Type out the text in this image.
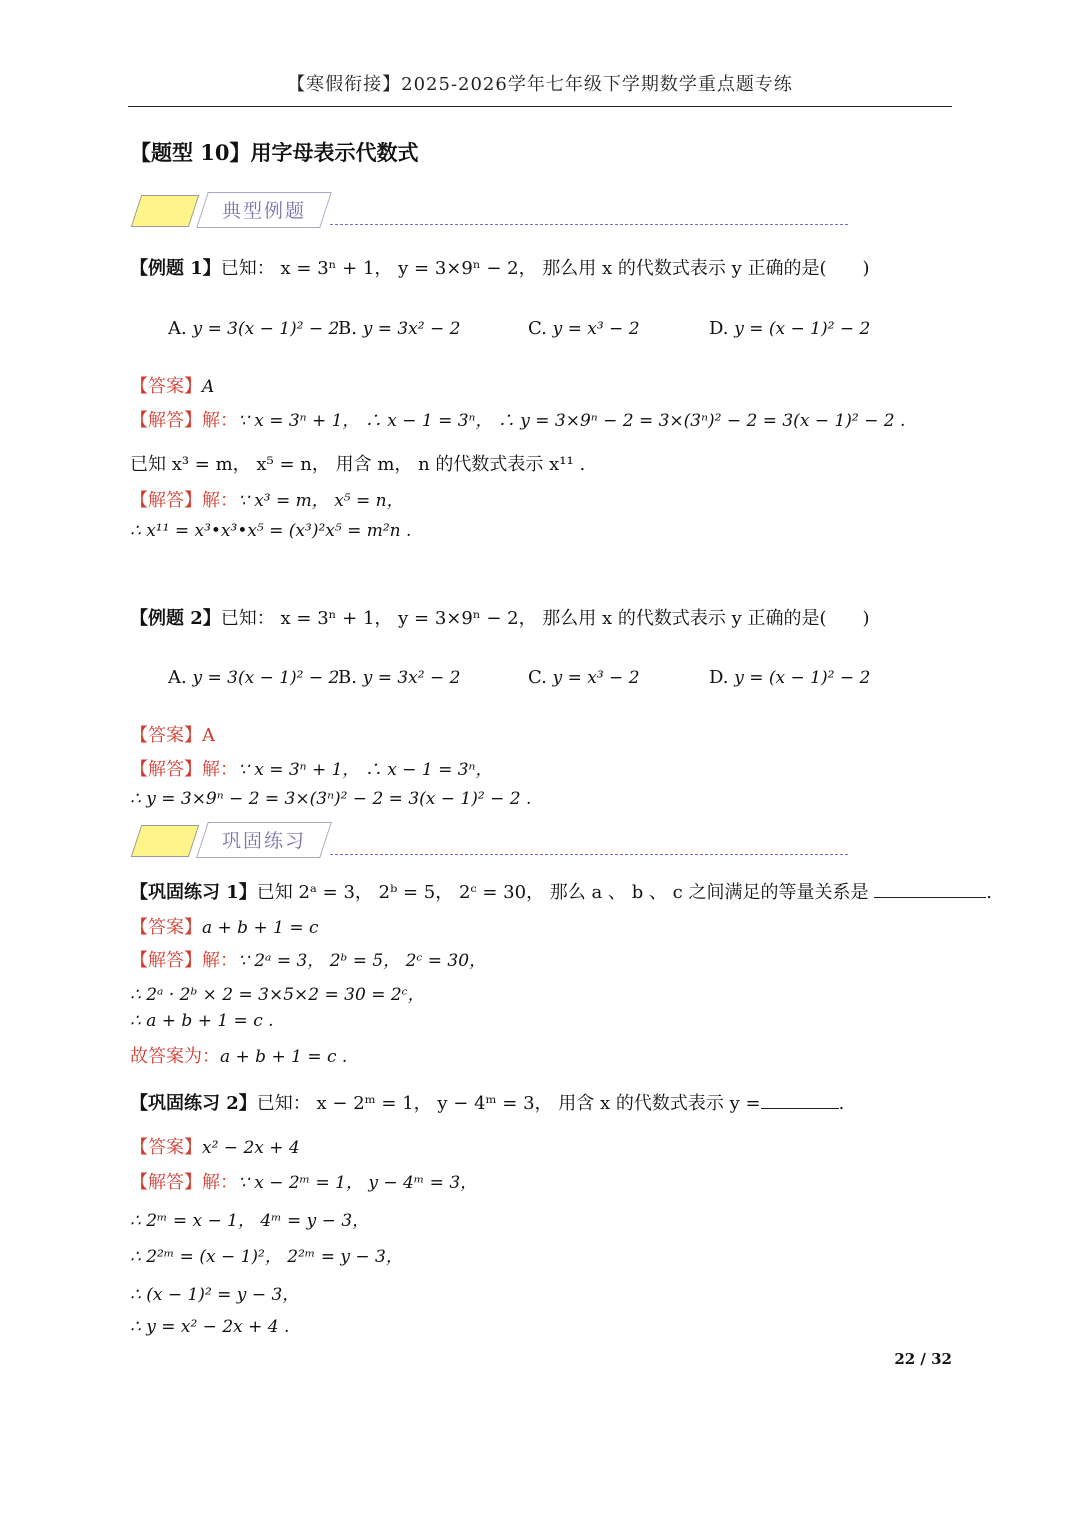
【寒假衔接】2025-2026学年七年级下学期数学重点题专练
【题型 10】用字母表示代数式
典型例题
【例题 1】已知： x = 3ⁿ + 1， y = 3×9ⁿ − 2， 那么用 x 的代数式表示 y 正确的是(　　)
A. y = 3(x − 1)² − 2
B. y = 3x² − 2	C. y = x³ − 2	D. y = (x − 1)² − 2
【答案】A
【解答】解：∵ x = 3ⁿ + 1， ∴ x − 1 = 3ⁿ， ∴ y = 3×9ⁿ − 2 = 3×(3ⁿ)² − 2 = 3(x − 1)² − 2 .
已知 x³ = m， x⁵ = n， 用含 m， n 的代数式表示 x¹¹ .
【解答】解：∵ x³ = m， x⁵ = n，
∴ x¹¹ = x³•x³•x⁵ = (x³)²x⁵ = m²n .
【例题 2】已知： x = 3ⁿ + 1， y = 3×9ⁿ − 2， 那么用 x 的代数式表示 y 正确的是(　　)
A. y = 3(x − 1)² − 2
B. y = 3x² − 2	C. y = x³ − 2	D. y = (x − 1)² − 2
【答案】A
【解答】解：∵ x = 3ⁿ + 1， ∴ x − 1 = 3ⁿ，
∴ y = 3×9ⁿ − 2 = 3×(3ⁿ)² − 2 = 3(x − 1)² − 2 .
巩固练习
【巩固练习 1】已知 2ᵃ = 3， 2ᵇ = 5， 2ᶜ = 30， 那么 a 、 b 、 c 之间满足的等量关系是	.
【答案】a + b + 1 = c
【解答】解：∵ 2ᵃ = 3， 2ᵇ = 5， 2ᶜ = 30，
∴ 2ᵃ · 2ᵇ × 2 = 3×5×2 = 30 = 2ᶜ，
∴ a + b + 1 = c .
故答案为：a + b + 1 = c .
【巩固练习 2】已知： x − 2ᵐ = 1， y − 4ᵐ = 3， 用含 x 的代数式表示 y =	.
【答案】x² − 2x + 4
【解答】解：∵ x − 2ᵐ = 1， y − 4ᵐ = 3，
∴ 2ᵐ = x − 1， 4ᵐ = y − 3，
∴ 2²ᵐ = (x − 1)²， 2²ᵐ = y − 3，
∴ (x − 1)² = y − 3，
∴ y = x² − 2x + 4 .
22 / 32
